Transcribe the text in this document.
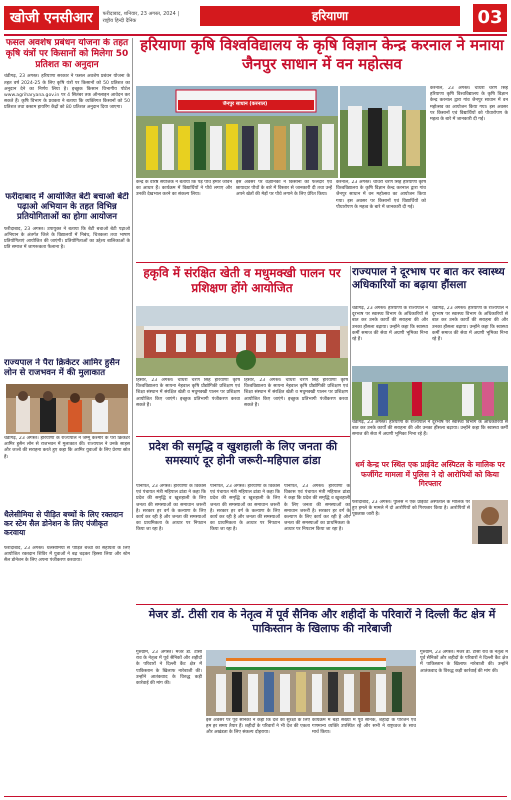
खोजी एनसीआर	फरीदाबाद, शनिवार, 23 अगस्त, 2024 | राष्ट्रीय हिन्दी दैनिक	हरियाणा	03
फसल अवशेष प्रबंधन योजना के तहत कृषि यंत्रों पर किसानों को मिलेगा 50 प्रतिशत का अनुदान
चंडीगढ़, 23 अगस्त। हरियाणा सरकार ने फसल अवशेष प्रबंधन योजना के तहत वर्ष 2024-25 के लिए कृषि यंत्रों पर किसानों को 50 प्रतिशत का अनुदान देने का निर्णय लिया है। इच्छुक किसान विभागीय पोर्टल www.agriharyana.gov.in पर 4 सितंबर तक ऑनलाइन आवेदन कर सकते हैं। कृषि विभाग के प्रवक्ता ने बताया कि व्यक्तिगत किसानों को 50 प्रतिशत तथा कस्टम हायरिंग केंद्रों को 80 प्रतिशत अनुदान दिया जाएगा।
फरीदाबाद में आयोजित बेटी बचाओ बेटी पढ़ाओ अभियान के तहत विभिन्न प्रतियोगिताओं का होगा आयोजन
फरीदाबाद, 23 अगस्त। उपायुक्त ने बताया कि बेटी बचाओ बेटी पढ़ाओ अभियान के अंतर्गत जिले के विद्यालयों में निबंध, चित्रकला तथा भाषण प्रतियोगिताएं आयोजित की जाएंगी। प्रतियोगिताओं का उद्देश्य बालिकाओं के प्रति समाज में जागरूकता फैलाना है।
राज्यपाल ने पैरा क्रिकेटर आमिर हुसैन लोन से राजभवन में की मुलाकात
चंडीगढ़, 23 अगस्त। हरियाणा के राज्यपाल ने जम्मू कश्मीर के पैरा क्रिकेटर आमिर हुसैन लोन से राजभवन में मुलाकात की। राज्यपाल ने उनके साहस और जज्बे की सराहना करते हुए कहा कि आमिर युवाओं के लिए प्रेरणा स्रोत हैं।
थैलेसीमिया से पीड़ित बच्चों के लिए रक्तदान कर स्टेम सैल डोनेशन के लिए पंजीकृत करवाया
फरीदाबाद, 23 अगस्त। थैलेसीमिया से पीड़ित बच्चों की सहायता के लिए आयोजित रक्तदान शिविर में युवाओं ने बढ़ चढ़कर हिस्सा लिया और स्टेम सैल डोनेशन के लिए अपना पंजीकरण करवाया।
हरियाणा कृषि विश्वविद्यालय के कृषि विज्ञान केन्द्र करनाल ने मनाया जैनपुर साधान में वन महोत्सव
जैनपुर साधान (करनाल)
करनाल, 23 अगस्त। चौधरी चरण सिंह हरियाणा कृषि विश्वविद्यालय के कृषि विज्ञान केन्द्र करनाल द्वारा गांव जैनपुर साधान में वन महोत्सव का आयोजन किया गया। इस अवसर पर किसानों एवं विद्यार्थियों को पौधारोपण के महत्व के बारे में जानकारी दी गई।
केन्द्र के वरिष्ठ संयोजक ने बताया कि पेड़ पौधे हमारे जीवन का आधार हैं। कार्यक्रम में विद्यार्थियों ने पौधे लगाए और उनकी देखभाल करने का संकल्प लिया।
इस अवसर पर वैज्ञानिकों ने किसानों को फलदार एवं छायादार पौधों के बारे में विस्तार से जानकारी दी तथा उन्हें अपने खेतों की मेड़ों पर पौधे लगाने के लिए प्रेरित किया।
करनाल, 23 अगस्त। चौधरी चरण सिंह हरियाणा कृषि विश्वविद्यालय के कृषि विज्ञान केन्द्र करनाल द्वारा गांव जैनपुर साधान में वन महोत्सव का आयोजन किया गया। इस अवसर पर किसानों एवं विद्यार्थियों को पौधारोपण के महत्व के बारे में जानकारी दी गई।
हकृवि में संरक्षित खेती व मधुमक्खी पालन पर प्रशिक्षण होंगे आयोजित
हिसार, 23 अगस्त। चौधरी चरण सिंह हरियाणा कृषि विश्वविद्यालय के सायना नेहवाल कृषि प्रौद्योगिकी प्रशिक्षण एवं शिक्षा संस्थान में संरक्षित खेती व मधुमक्खी पालन पर प्रशिक्षण आयोजित किए जाएंगे। इच्छुक प्रतिभागी पंजीकरण करवा सकते हैं।
हिसार, 23 अगस्त। चौधरी चरण सिंह हरियाणा कृषि विश्वविद्यालय के सायना नेहवाल कृषि प्रौद्योगिकी प्रशिक्षण एवं शिक्षा संस्थान में संरक्षित खेती व मधुमक्खी पालन पर प्रशिक्षण आयोजित किए जाएंगे। इच्छुक प्रतिभागी पंजीकरण करवा सकते हैं।
राज्यपाल ने दूरभाष पर बात कर स्वास्थ्य अधिकारियों का बढ़ाया हौंसला
चंडीगढ़, 23 अगस्त। हरियाणा के राज्यपाल ने दूरभाष पर स्वास्थ्य विभाग के अधिकारियों से बात कर उनके कार्यों की सराहना की और उनका हौंसला बढ़ाया। उन्होंने कहा कि स्वास्थ्य कर्मी समाज की सेवा में अग्रणी भूमिका निभा रहे हैं।
चंडीगढ़, 23 अगस्त। हरियाणा के राज्यपाल ने दूरभाष पर स्वास्थ्य विभाग के अधिकारियों से बात कर उनके कार्यों की सराहना की और उनका हौंसला बढ़ाया। उन्होंने कहा कि स्वास्थ्य कर्मी समाज की सेवा में अग्रणी भूमिका निभा रहे हैं।
चंडीगढ़, 23 अगस्त। हरियाणा के राज्यपाल ने दूरभाष पर स्वास्थ्य विभाग के अधिकारियों से बात कर उनके कार्यों की सराहना की और उनका हौंसला बढ़ाया। उन्होंने कहा कि स्वास्थ्य कर्मी समाज की सेवा में अग्रणी भूमिका निभा रहे हैं।
धर्म केन्द्र पर स्थित एक प्राईवेट अस्पिटल के मालिक पर फर्जीगेट मामला में पुलिस ने दो आरोपियों को किया गिरफ्तार
फरीदाबाद, 23 अगस्त। पुलिस ने एक प्राईवेट अस्पताल के मालिक पर हुए हमले के मामले में दो आरोपियों को गिरफ्तार किया है। आरोपियों से पूछताछ जारी है।
प्रदेश की समृद्धि व खुशहाली के लिए जनता की समस्याएं दूर होनी जरूरी-महिपाल ढांडा
पानीपत, 23 अगस्त। हरियाणा के विकास एवं पंचायत मंत्री महिपाल ढांडा ने कहा कि प्रदेश की समृद्धि व खुशहाली के लिए जनता की समस्याओं का समाधान जरूरी है। सरकार हर वर्ग के कल्याण के लिए कार्य कर रही है और जनता की समस्याओं का प्राथमिकता के आधार पर निपटान किया जा रहा है।
पानीपत, 23 अगस्त। हरियाणा के विकास एवं पंचायत मंत्री महिपाल ढांडा ने कहा कि प्रदेश की समृद्धि व खुशहाली के लिए जनता की समस्याओं का समाधान जरूरी है। सरकार हर वर्ग के कल्याण के लिए कार्य कर रही है और जनता की समस्याओं का प्राथमिकता के आधार पर निपटान किया जा रहा है।
पानीपत, 23 अगस्त। हरियाणा के विकास एवं पंचायत मंत्री महिपाल ढांडा ने कहा कि प्रदेश की समृद्धि व खुशहाली के लिए जनता की समस्याओं का समाधान जरूरी है। सरकार हर वर्ग के कल्याण के लिए कार्य कर रही है और जनता की समस्याओं का प्राथमिकता के आधार पर निपटान किया जा रहा है।
मेजर डॉ. टीसी राव के नेतृत्व में पूर्व सैनिक और शहीदों के परिवारों ने दिल्ली कैंट क्षेत्र में पाकिस्तान के खिलाफ की नारेबाजी
गुरुग्राम, 23 अगस्त। मेजर डॉ. टीसी राव के नेतृत्व में पूर्व सैनिकों और शहीदों के परिवारों ने दिल्ली कैंट क्षेत्र में पाकिस्तान के खिलाफ नारेबाजी की। उन्होंने आतंकवाद के विरुद्ध कड़ी कार्रवाई की मांग की।
इस अवसर पर पूर्व सैनिकों ने कहा कि देश की सुरक्षा के लिए हम हर समय तैयार हैं। शहीदों के परिवारों ने भी देश की एकता और अखंडता के लिए संकल्प दोहराया।
कार्यक्रम में बड़ी संख्या में पूर्व सैनिक, शहीदों के परिजन एवं गणमान्य व्यक्ति उपस्थित रहे और सभी ने राष्ट्रध्वज के साथ मार्च किया।
गुरुग्राम, 23 अगस्त। मेजर डॉ. टीसी राव के नेतृत्व में पूर्व सैनिकों और शहीदों के परिवारों ने दिल्ली कैंट क्षेत्र में पाकिस्तान के खिलाफ नारेबाजी की। उन्होंने आतंकवाद के विरुद्ध कड़ी कार्रवाई की मांग की।
